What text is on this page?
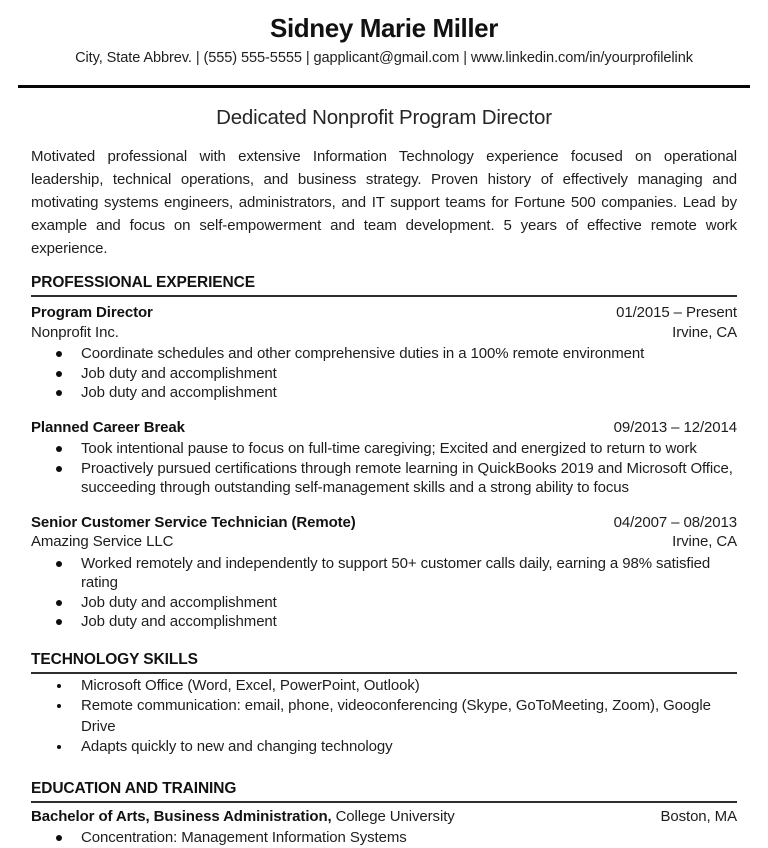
Sidney Marie Miller
City, State Abbrev. | (555) 555-5555 | gapplicant@gmail.com | www.linkedin.com/in/yourprofilelink
Dedicated Nonprofit Program Director
Motivated professional with extensive Information Technology experience focused on operational leadership, technical operations, and business strategy. Proven history of effectively managing and motivating systems engineers, administrators, and IT support teams for Fortune 500 companies. Lead by example and focus on self-empowerment and team development. 5 years of effective remote work experience.
PROFESSIONAL EXPERIENCE
Program Director	01/2015 – Present
Nonprofit Inc.	Irvine, CA
Coordinate schedules and other comprehensive duties in a 100% remote environment
Job duty and accomplishment
Job duty and accomplishment
Planned Career Break	09/2013 – 12/2014
Took intentional pause to focus on full-time caregiving; Excited and energized to return to work
Proactively pursued certifications through remote learning in QuickBooks 2019 and Microsoft Office, succeeding through outstanding self-management skills and a strong ability to focus
Senior Customer Service Technician (Remote)	04/2007 – 08/2013
Amazing Service LLC	Irvine, CA
Worked remotely and independently to support 50+ customer calls daily, earning a 98% satisfied rating
Job duty and accomplishment
Job duty and accomplishment
TECHNOLOGY SKILLS
Microsoft Office (Word, Excel, PowerPoint, Outlook)
Remote communication: email, phone, videoconferencing (Skype, GoToMeeting, Zoom), Google Drive
Adapts quickly to new and changing technology
EDUCATION AND TRAINING
Bachelor of Arts, Business Administration, College University	Boston, MA
Concentration: Management Information Systems
